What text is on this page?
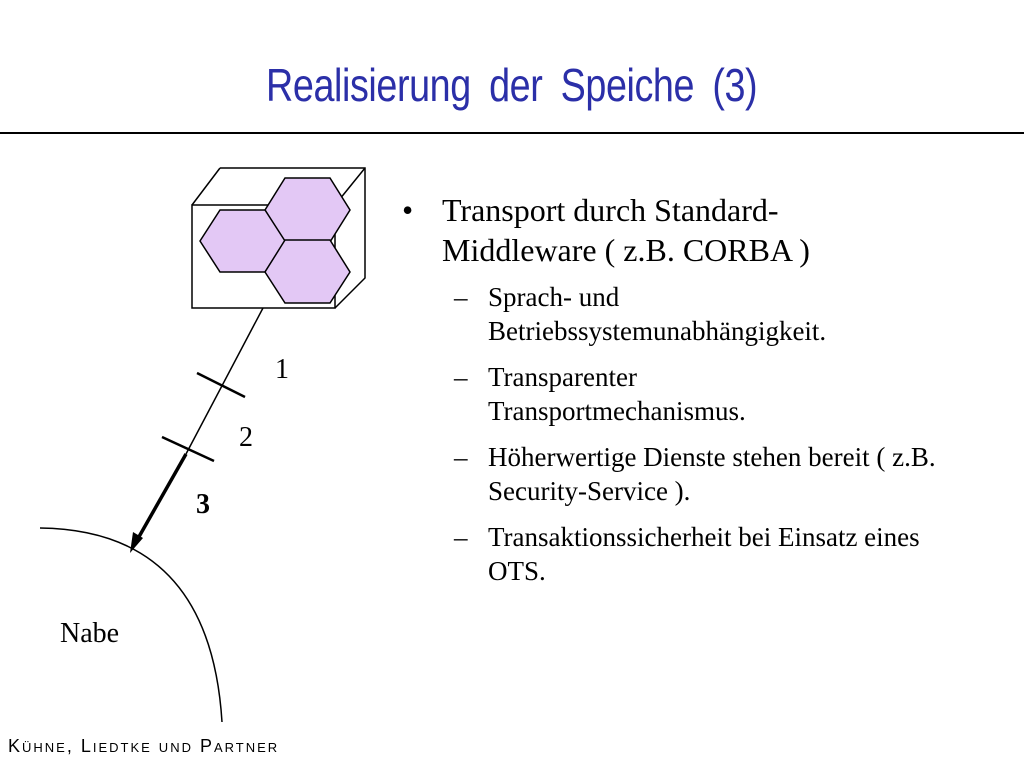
Realisierung der Speiche (3)
1
2
3
Nabe
• Transport durch Standard-Middleware ( z.B. CORBA )
– Sprach- und Betriebssystemunabhängigkeit.
– Transparenter Transportmechanismus.
– Höherwertige Dienste stehen bereit ( z.B. Security-Service ).
– Transaktionssicherheit bei Einsatz eines OTS.
Kühne, Liedtke und Partner
